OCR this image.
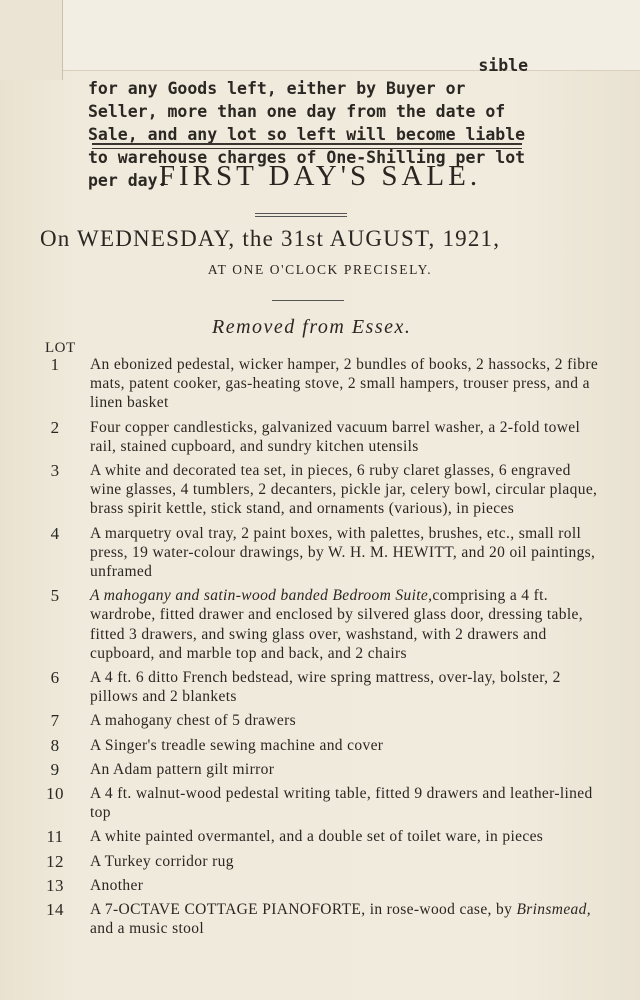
sible
for any Goods left, either by Buyer or Seller, more than one day from the date of Sale, and any lot so left will become liable to warehouse charges of One-Shilling per lot per day.
FIRST DAY'S SALE.
On WEDNESDAY, the 31st AUGUST, 1921,
AT ONE O'CLOCK PRECISELY.
Removed from Essex.
LOT
1	An ebonized pedestal, wicker hamper, 2 bundles of books, 2 hassocks, 2 fibre mats, patent cooker, gas-heating stove, 2 small hampers, trouser press, and a linen basket
2	Four copper candlesticks, galvanized vacuum barrel washer, a 2-fold towel rail, stained cupboard, and sundry kitchen utensils
3	A white and decorated tea set, in pieces, 6 ruby claret glasses, 6 engraved wine glasses, 4 tumblers, 2 decanters, pickle jar, celery bowl, circular plaque, brass spirit kettle, stick stand, and ornaments (various), in pieces
4	A marquetry oval tray, 2 paint boxes, with palettes, brushes, etc., small roll press, 19 water-colour drawings, by W. H. M. HEWITT, and 20 oil paintings, unframed
5	A mahogany and satin-wood banded Bedroom Suite,comprising a 4 ft. wardrobe, fitted drawer and enclosed by silvered glass door, dressing table, fitted 3 drawers, and swing glass over, washstand, with 2 drawers and cupboard, and marble top and back, and 2 chairs
6	A 4 ft. 6 ditto French bedstead, wire spring mattress, over-lay, bolster, 2 pillows and 2 blankets
7	A mahogany chest of 5 drawers
8	A Singer's treadle sewing machine and cover
9	An Adam pattern gilt mirror
10	A 4 ft. walnut-wood pedestal writing table, fitted 9 drawers and leather-lined top
11	A white painted overmantel, and a double set of toilet ware, in pieces
12	A Turkey corridor rug
13	Another
14	A 7-OCTAVE COTTAGE PIANOFORTE, in rose-wood case, by Brinsmead, and a music stool
